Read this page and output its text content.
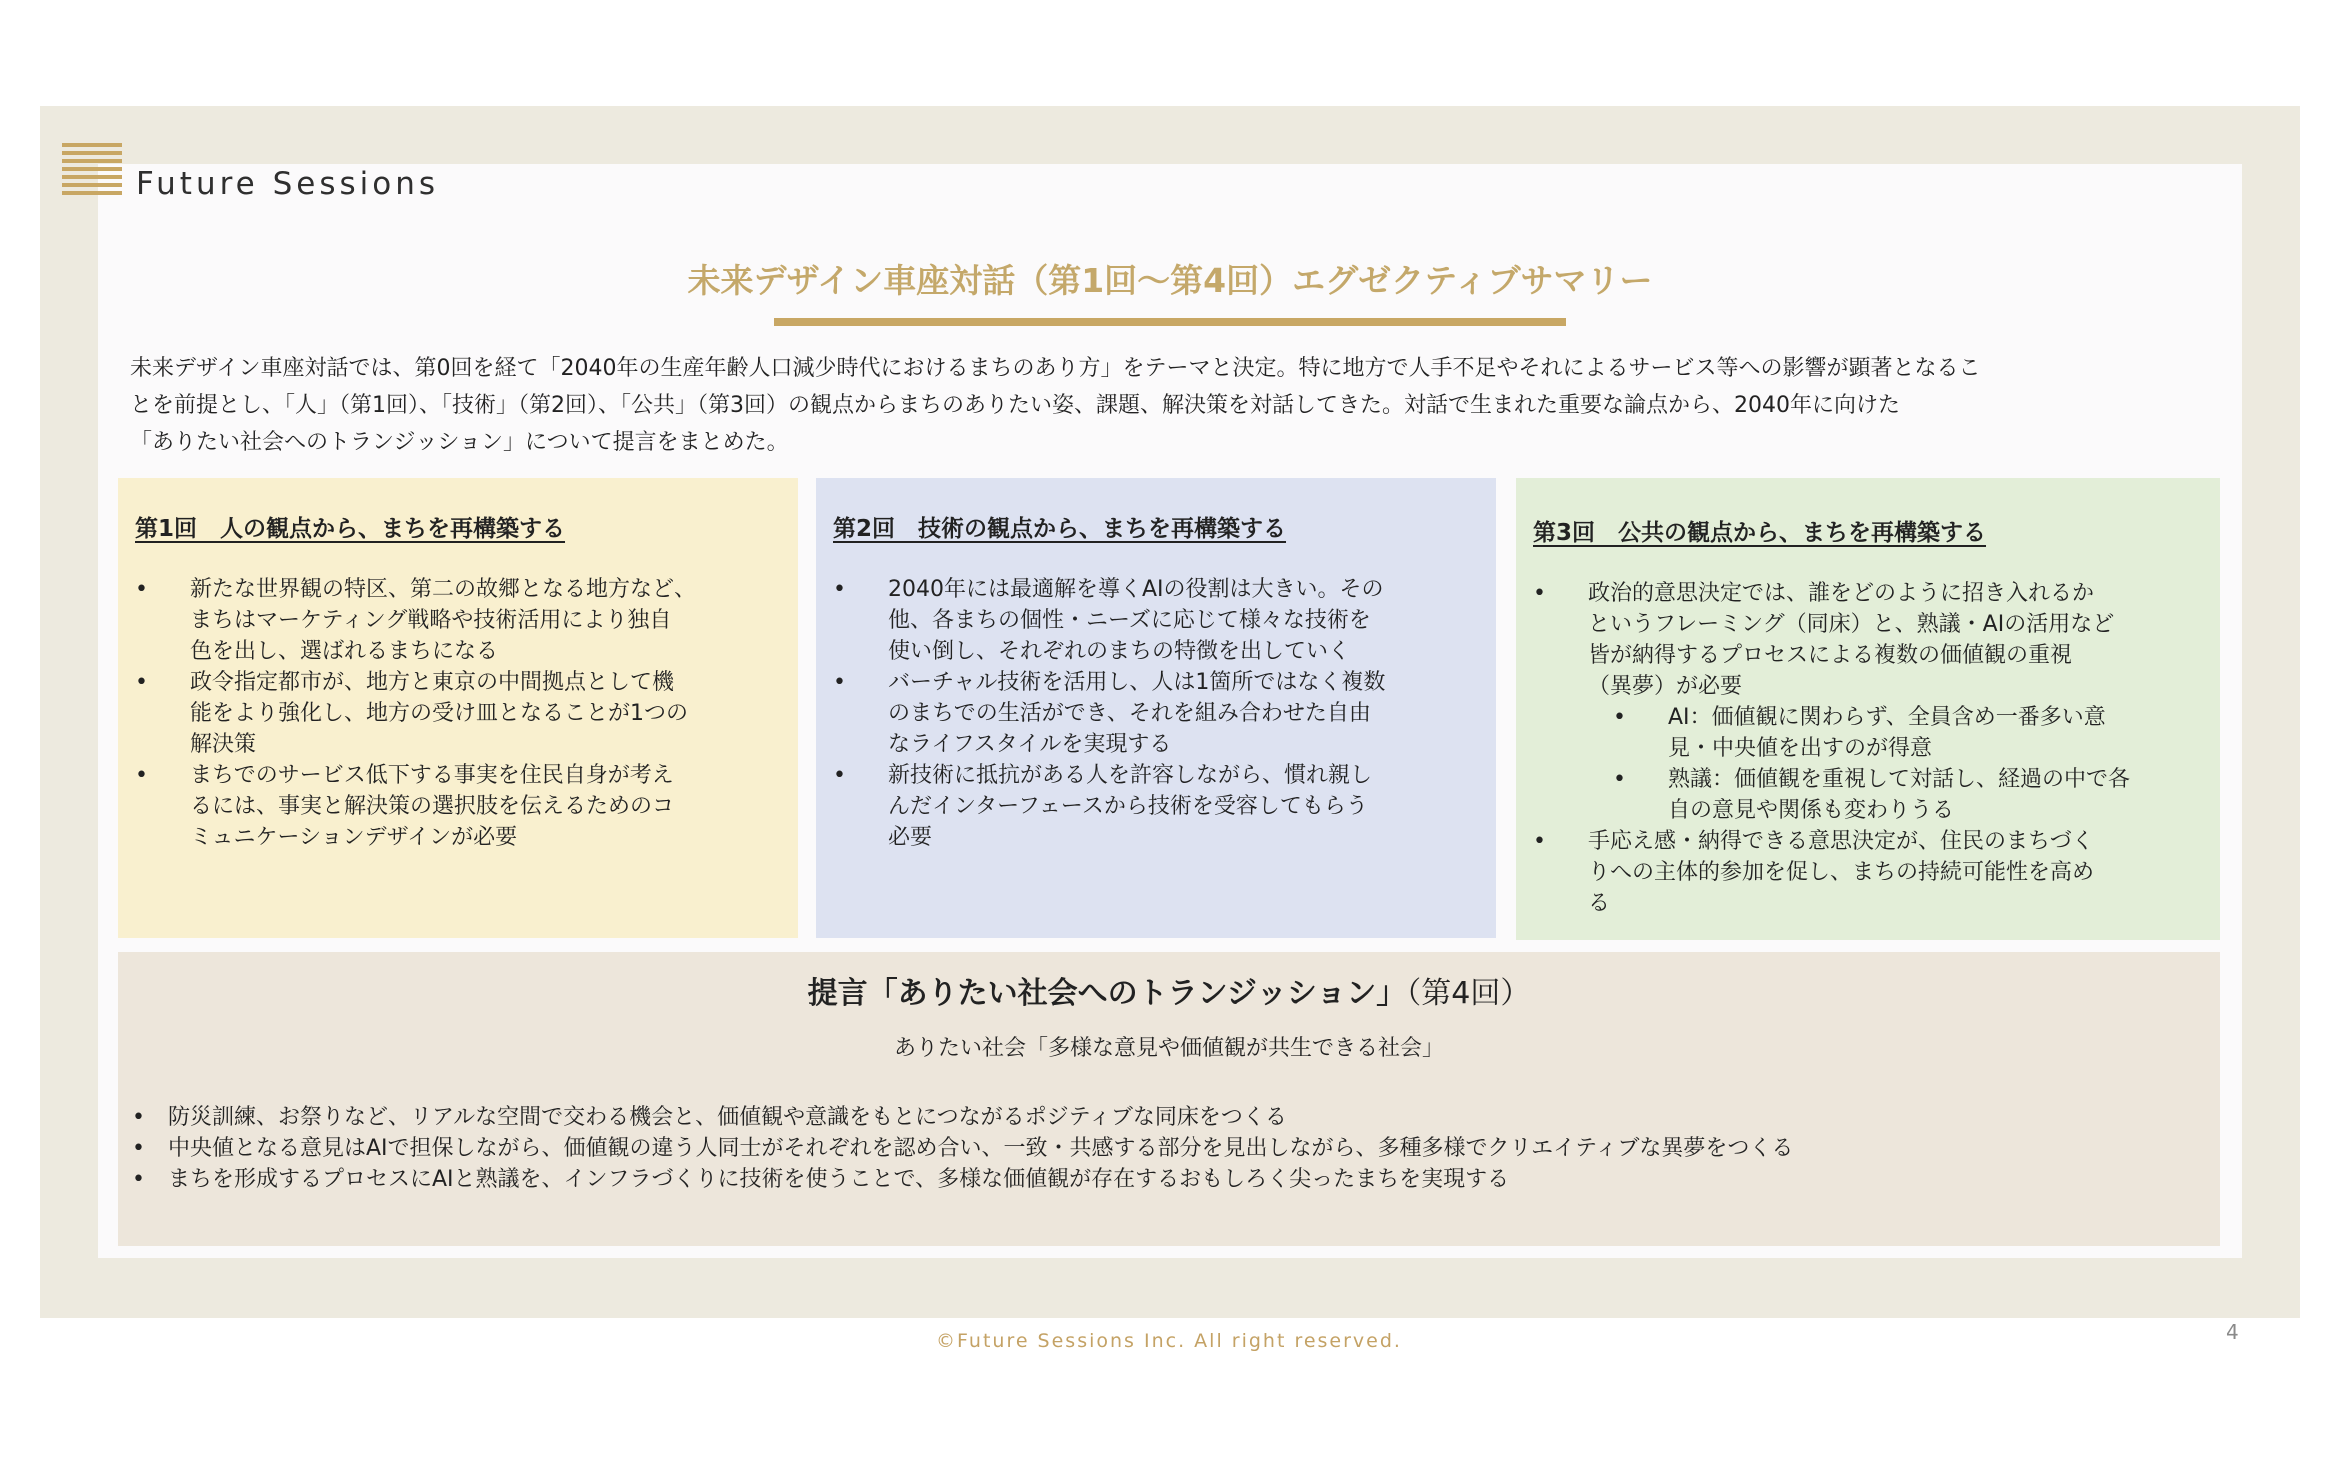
Future Sessions
未来デザイン車座対話（第1回〜第4回）エグゼクティブサマリー
未来デザイン車座対話では、第0回を経て「2040年の生産年齢人口減少時代におけるまちのあり方」をテーマと決定。特に地方で人手不足やそれによるサービス等への影響が顕著となるこ
とを前提とし、「人」（第1回）、「技術」（第2回）、「公共」（第3回）の観点からまちのありたい姿、課題、解決策を対話してきた。対話で生まれた重要な論点から、2040年に向けた
「ありたい社会へのトランジッション」について提言をまとめた。
第1回　人の観点から、まちを再構築する
•	新たな世界観の特区、第二の故郷となる地方など、
まちはマーケティング戦略や技術活用により独自
色を出し、選ばれるまちになる
•	政令指定都市が、地方と東京の中間拠点として機
能をより強化し、地方の受け皿となることが1つの
解決策
•	まちでのサービス低下する事実を住民自身が考え
るには、事実と解決策の選択肢を伝えるためのコ
ミュニケーションデザインが必要
第2回　技術の観点から、まちを再構築する
•	2040年には最適解を導くAIの役割は大きい。その
他、各まちの個性・ニーズに応じて様々な技術を
使い倒し、それぞれのまちの特徴を出していく
•	バーチャル技術を活用し、人は1箇所ではなく複数
のまちでの生活ができ、それを組み合わせた自由
なライフスタイルを実現する
•	新技術に抵抗がある人を許容しながら、慣れ親し
んだインターフェースから技術を受容してもらう
必要
第3回　公共の観点から、まちを再構築する
•	政治的意思決定では、誰をどのように招き入れるか
というフレーミング（同床）と、熟議・AIの活用など
皆が納得するプロセスによる複数の価値観の重視
（異夢）が必要
•	AI：価値観に関わらず、全員含め一番多い意
見・中央値を出すのが得意
•	熟議：価値観を重視して対話し、経過の中で各
自の意見や関係も変わりうる
•	手応え感・納得できる意思決定が、住民のまちづく
りへの主体的参加を促し、まちの持続可能性を高め
る
提言「ありたい社会へのトランジッション」（第4回）
ありたい社会「多様な意見や価値観が共生できる社会」
•	防災訓練、お祭りなど、リアルな空間で交わる機会と、価値観や意識をもとにつながるポジティブな同床をつくる
•	中央値となる意見はAIで担保しながら、価値観の違う人同士がそれぞれを認め合い、一致・共感する部分を見出しながら、多種多様でクリエイティブな異夢をつくる
•	まちを形成するプロセスにAIと熟議を、インフラづくりに技術を使うことで、多様な価値観が存在するおもしろく尖ったまちを実現する
©Future Sessions Inc. All right reserved.	4
